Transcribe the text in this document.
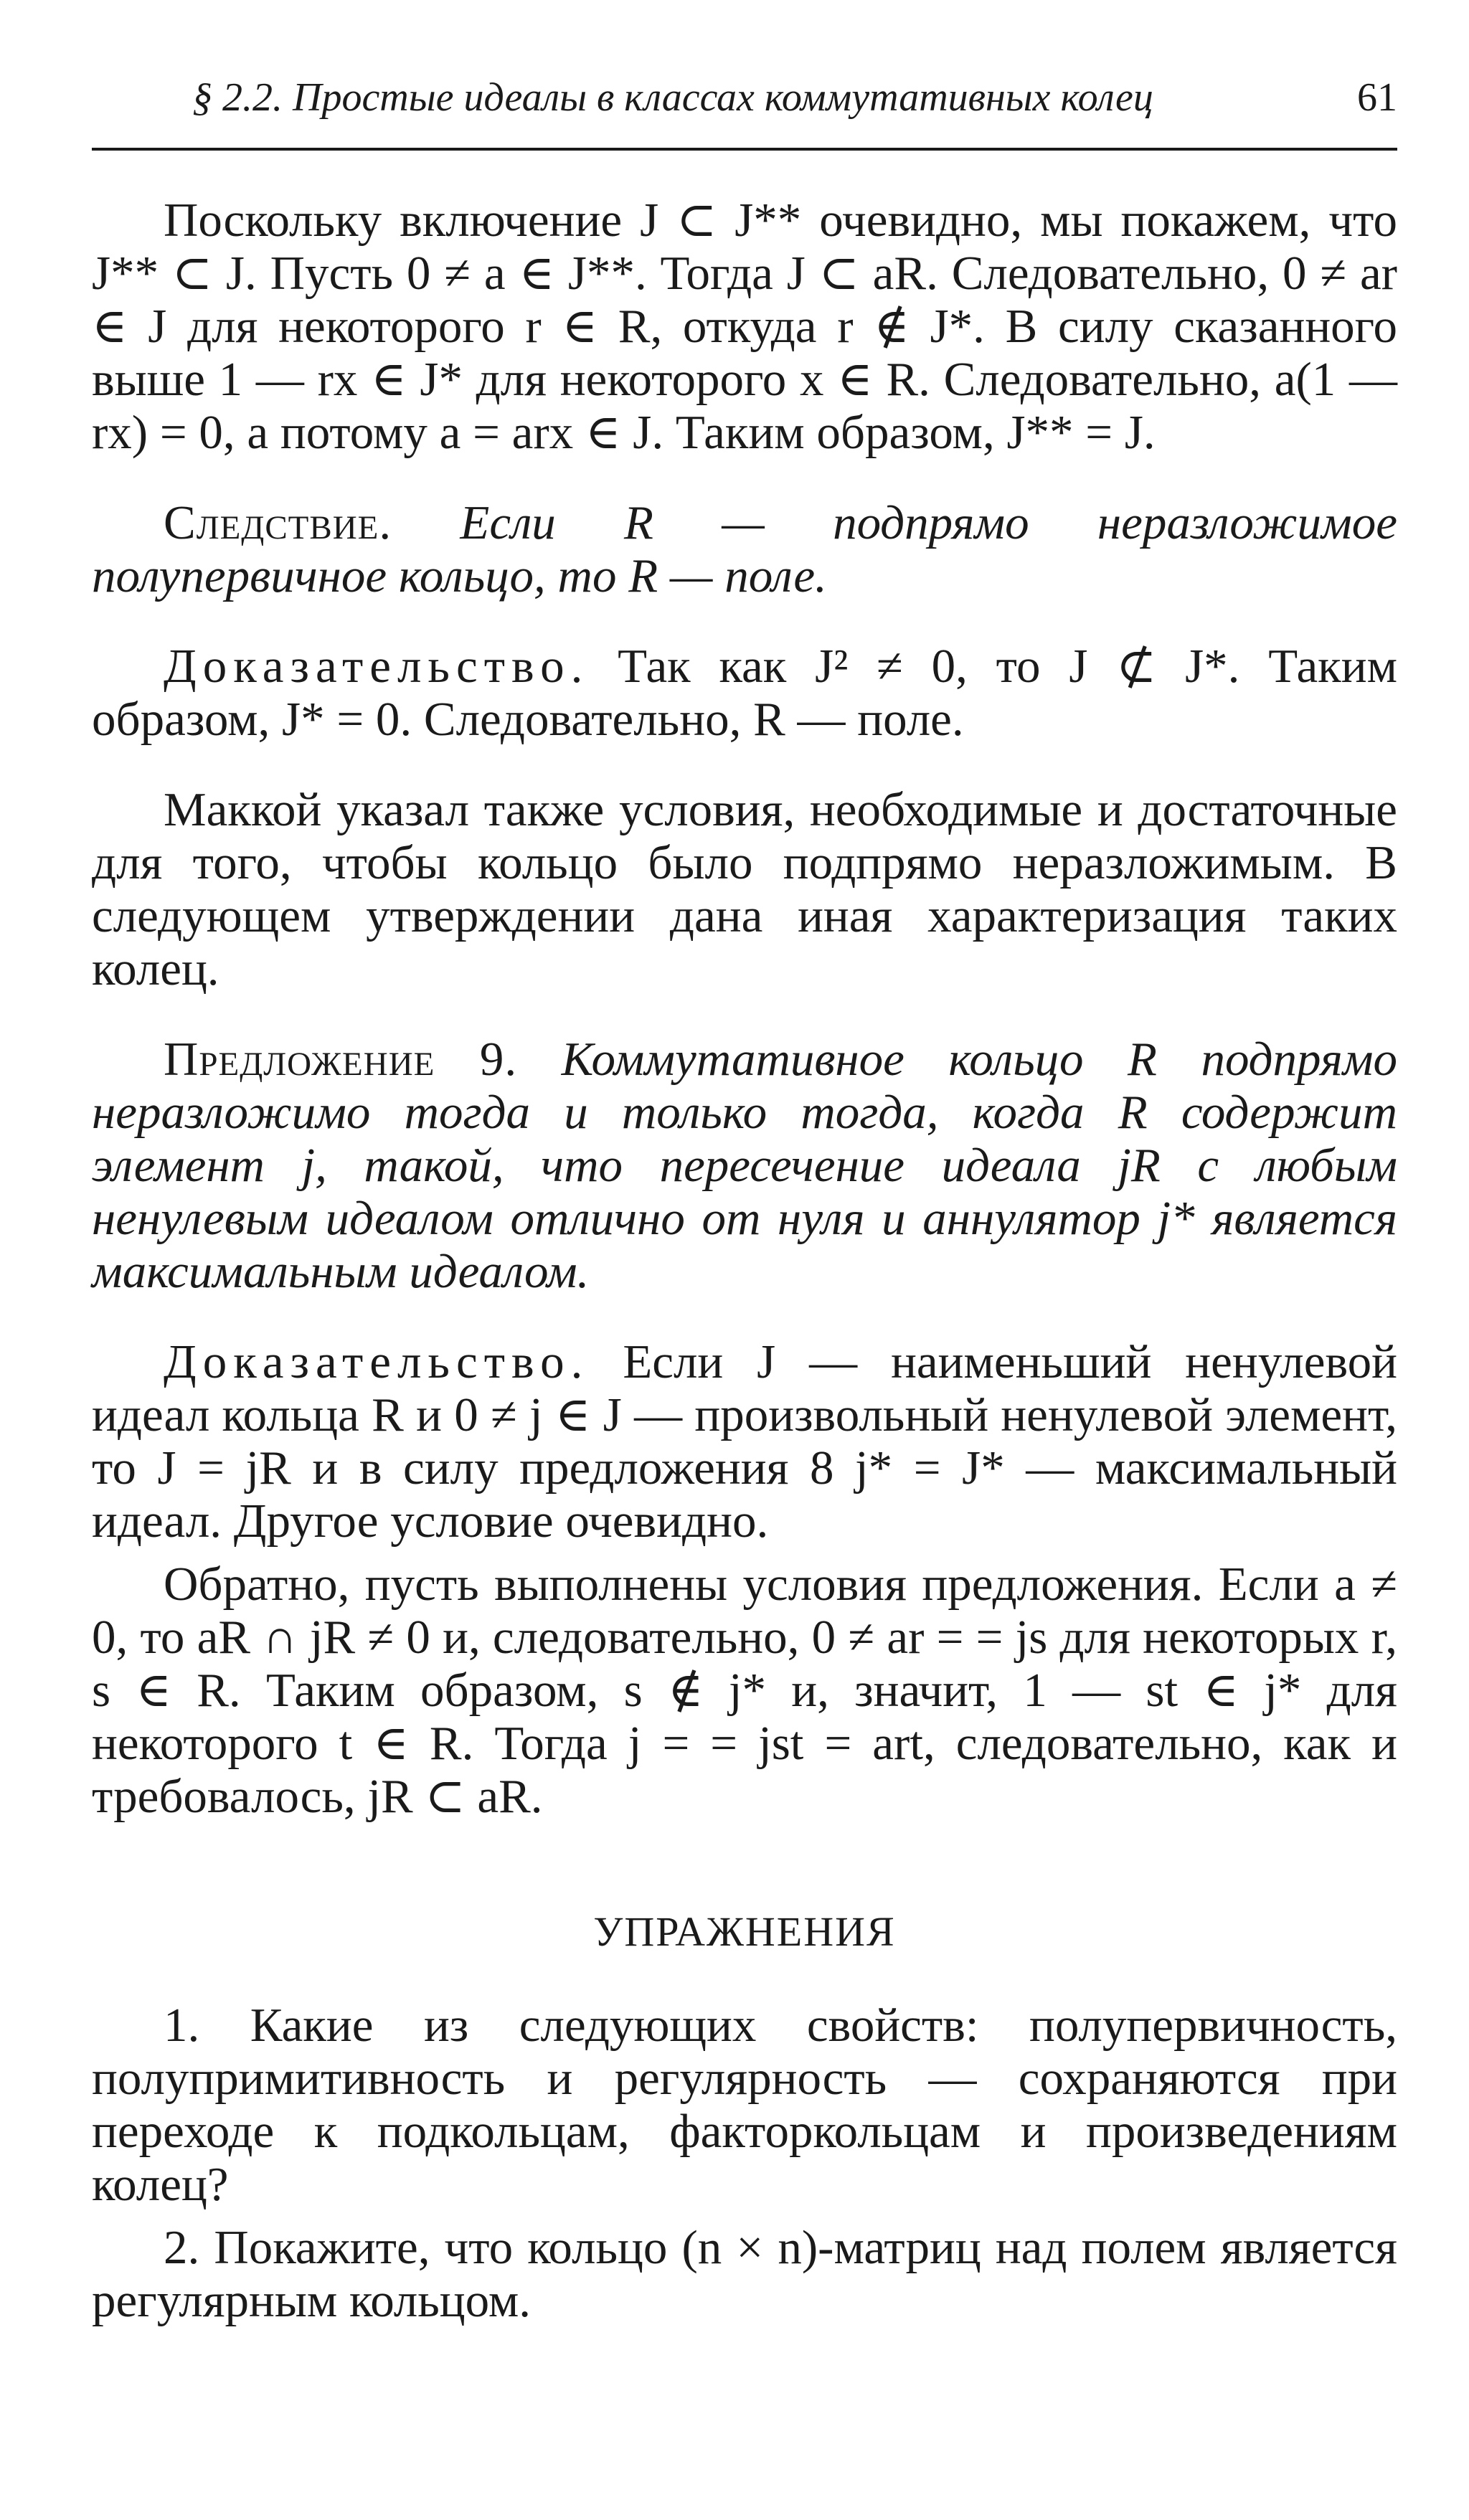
§ 2.2. Простые идеалы в классах коммутативных колец	61

Поскольку включение J ⊂ J** очевидно, мы покажем, что J** ⊂ J. Пусть 0 ≠ a ∈ J**. Тогда J ⊂ aR. Следовательно, 0 ≠ ar ∈ J для некоторого r ∈ R, откуда r ∉ J*. В силу сказанного выше 1 — rx ∈ J* для некоторого x ∈ R. Следовательно, a(1 — rx) = 0, а потому a = arx ∈ J. Таким образом, J** = J.

Следствие. Если R — подпрямо неразложимое полупервичное кольцо, то R — поле.

Доказательство. Так как J² ≠ 0, то J ⊄ J*. Таким образом, J* = 0. Следовательно, R — поле.

Маккой указал также условия, необходимые и достаточные для того, чтобы кольцо было подпрямо неразложимым. В следующем утверждении дана иная характеризация таких колец.

Предложение 9. Коммутативное кольцо R подпрямо неразложимо тогда и только тогда, когда R содержит элемент j, такой, что пересечение идеала jR с любым ненулевым идеалом отлично от нуля и аннулятор j* является максимальным идеалом.

Доказательство. Если J — наименьший ненулевой идеал кольца R и 0 ≠ j ∈ J — произвольный ненулевой элемент, то J = jR и в силу предложения 8 j* = J* — максимальный идеал. Другое условие очевидно.

Обратно, пусть выполнены условия предложения. Если a ≠ 0, то aR ∩ jR ≠ 0 и, следовательно, 0 ≠ ar = = js для некоторых r, s ∈ R. Таким образом, s ∉ j* и, значит, 1 — st ∈ j* для некоторого t ∈ R. Тогда j = = jst = art, следовательно, как и требовалось, jR ⊂ aR.

УПРАЖНЕНИЯ

1. Какие из следующих свойств: полупервичность, полупримитивность и регулярность — сохраняются при переходе к подкольцам, факторкольцам и произведениям колец?

2. Покажите, что кольцо (n × n)-матриц над полем является регулярным кольцом.
